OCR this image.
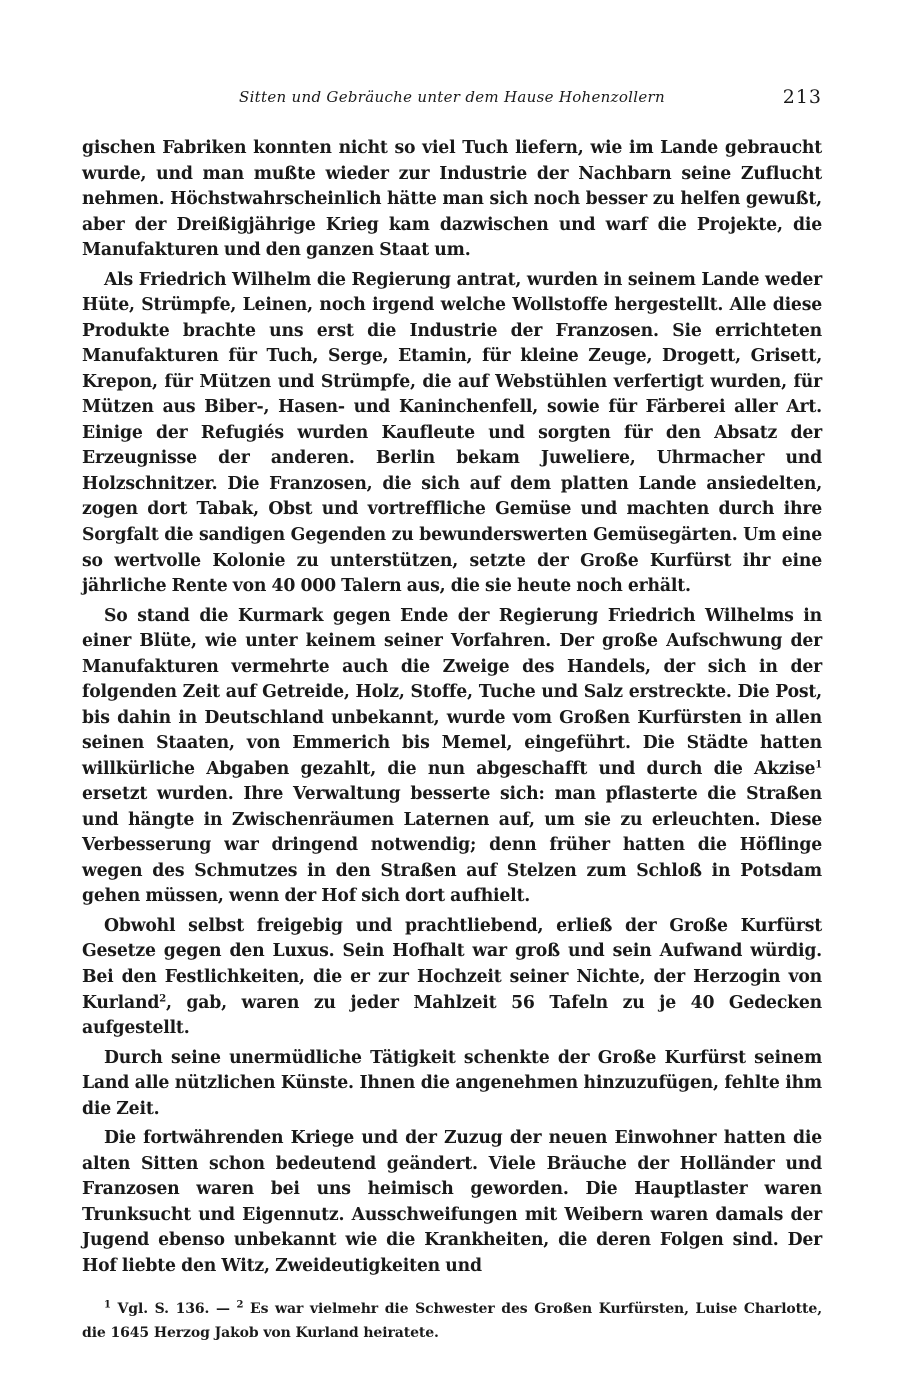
Sitten und Gebräuche unter dem Hause Hohenzollern	213

gischen Fabriken konnten nicht so viel Tuch liefern, wie im Lande gebraucht wurde, und man mußte wieder zur Industrie der Nachbarn seine Zuflucht nehmen. Höchstwahrscheinlich hätte man sich noch besser zu helfen gewußt, aber der Dreißigjährige Krieg kam dazwischen und warf die Projekte, die Manufakturen und den ganzen Staat um.

Als Friedrich Wilhelm die Regierung antrat, wurden in seinem Lande weder Hüte, Strümpfe, Leinen, noch irgend welche Wollstoffe hergestellt. Alle diese Produkte brachte uns erst die Industrie der Franzosen. Sie errichteten Manufakturen für Tuch, Serge, Etamin, für kleine Zeuge, Drogett, Grisett, Krepon, für Mützen und Strümpfe, die auf Webstühlen verfertigt wurden, für Mützen aus Biber-, Hasen- und Kaninchenfell, sowie für Färberei aller Art. Einige der Refugiés wurden Kaufleute und sorgten für den Absatz der Erzeugnisse der anderen. Berlin bekam Juweliere, Uhrmacher und Holzschnitzer. Die Franzosen, die sich auf dem platten Lande ansiedelten, zogen dort Tabak, Obst und vortreffliche Gemüse und machten durch ihre Sorgfalt die sandigen Gegenden zu bewunderswerten Gemüsegärten. Um eine so wertvolle Kolonie zu unterstützen, setzte der Große Kurfürst ihr eine jährliche Rente von 40 000 Talern aus, die sie heute noch erhält.

So stand die Kurmark gegen Ende der Regierung Friedrich Wilhelms in einer Blüte, wie unter keinem seiner Vorfahren. Der große Aufschwung der Manufakturen vermehrte auch die Zweige des Handels, der sich in der folgenden Zeit auf Getreide, Holz, Stoffe, Tuche und Salz erstreckte. Die Post, bis dahin in Deutschland unbekannt, wurde vom Großen Kurfürsten in allen seinen Staaten, von Emmerich bis Memel, eingeführt. Die Städte hatten willkürliche Abgaben gezahlt, die nun abgeschafft und durch die Akzise$^1$ ersetzt wurden. Ihre Verwaltung besserte sich: man pflasterte die Straßen und hängte in Zwischenräumen Laternen auf, um sie zu erleuchten. Diese Verbesserung war dringend notwendig; denn früher hatten die Höflinge wegen des Schmutzes in den Straßen auf Stelzen zum Schloß in Potsdam gehen müssen, wenn der Hof sich dort aufhielt.

Obwohl selbst freigebig und prachtliebend, erließ der Große Kurfürst Gesetze gegen den Luxus. Sein Hofhalt war groß und sein Aufwand würdig. Bei den Festlichkeiten, die er zur Hochzeit seiner Nichte, der Herzogin von Kurland$^2$, gab, waren zu jeder Mahlzeit 56 Tafeln zu je 40 Gedecken aufgestellt.

Durch seine unermüdliche Tätigkeit schenkte der Große Kurfürst seinem Land alle nützlichen Künste. Ihnen die angenehmen hinzuzufügen, fehlte ihm die Zeit.

Die fortwährenden Kriege und der Zuzug der neuen Einwohner hatten die alten Sitten schon bedeutend geändert. Viele Bräuche der Holländer und Franzosen waren bei uns heimisch geworden. Die Hauptlaster waren Trunksucht und Eigennutz. Ausschweifungen mit Weibern waren damals der Jugend ebenso unbekannt wie die Krankheiten, die deren Folgen sind. Der Hof liebte den Witz, Zweideutigkeiten und

$^1$ Vgl. S. 136. — $^2$ Es war vielmehr die Schwester des Großen Kurfürsten, Luise Charlotte, die 1645 Herzog Jakob von Kurland heiratete.
